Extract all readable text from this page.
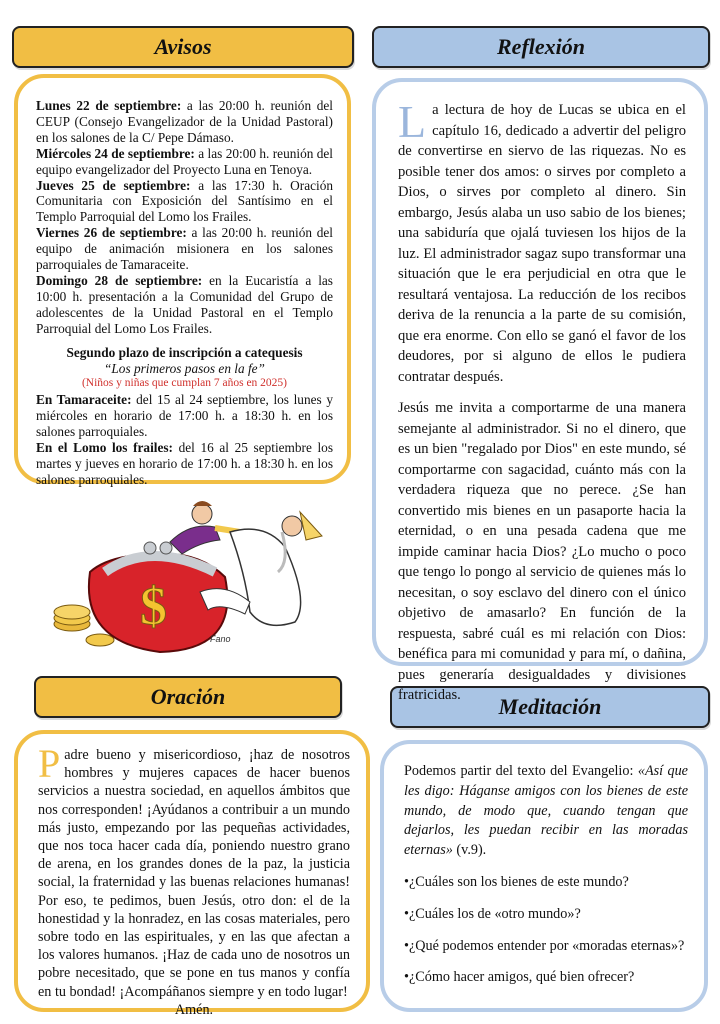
Avisos	Reflexión
Oración	Meditación

Lunes 22 de septiembre: a las 20:00 h. reunión del CEUP (Consejo Evangelizador de la Unidad Pastoral) en los salones de la C/ Pepe Dámaso.

Miércoles 24 de septiembre: a las 20:00 h. reunión del equipo evangelizador del Proyecto Luna en Tenoya.

Jueves 25 de septiembre: a las 17:30 h. Oración Comunitaria con Exposición del Santísimo en el Templo Parroquial del Lomo los Frailes.

Viernes 26 de septiembre: a las 20:00 h. reunión del equipo de animación misionera en los salones parroquiales de Tamaraceite.

Domingo 28 de septiembre: en la Eucaristía a las 10:00 h. presentación a la Comunidad del Grupo de adolescentes de la Unidad Pastoral en el Templo Parroquial del Lomo Los Frailes.

Segundo plazo de inscripción a catequesis

“Los primeros pasos en la fe”

(Niños y niñas que cumplan 7 años en 2025)

En Tamaraceite: del 15 al 24 septiembre, los lunes y miércoles en horario de 17:00 h. a 18:30 h. en los salones parroquiales.

En el Lomo los frailes: del 16 al 25 septiembre los martes y jueves en horario de 17:00 h. a 18:30 h. en los salones parroquiales.

$
Fano

La lectura de hoy de Lucas se ubica en el capítulo 16, dedicado a advertir del peligro de convertirse en siervo de las riquezas. No es posible tener dos amos: o sirves por completo a Dios, o sirves por completo al dinero. Sin embargo, Jesús alaba un uso sabio de los bienes; una sabiduría que ojalá tuviesen los hijos de la luz. El administrador sagaz supo transformar una situación que le era perjudicial en otra que le resultará ventajosa. La reducción de los recibos deriva de la renuncia a la parte de su comisión, que era enorme. Con ello se ganó el favor de los deudores, por si alguno de ellos le pudiera contratar después.

Jesús me invita a comportarme de una manera semejante al administrador. Si no el dinero, que es un bien "regalado por Dios" en este mundo, sé comportarme con sagacidad, cuánto más con la verdadera riqueza que no perece. ¿Se han convertido mis bienes en un pasaporte hacia la eternidad, o en una pesada cadena que me impide caminar hacia Dios? ¿Lo mucho o poco que tengo lo pongo al servicio de quienes más lo necesitan, o soy esclavo del dinero con el único objetivo de amasarlo? En función de la respuesta, sabré cuál es mi relación con Dios: benéfica para mi comunidad y para mí, o dañina, pues generaría desigualdades y divisiones fratricidas.

Padre bueno y misericordioso, ¡haz de nosotros hombres y mujeres capaces de hacer buenos servicios a nuestra sociedad, en aquellos ámbitos que nos corresponden! ¡Ayúdanos a contribuir a un mundo más justo, empezando por las pequeñas actividades, que nos toca hacer cada día, poniendo nuestro grano de arena, en los grandes dones de la paz, la justicia social, la fraternidad y las buenas relaciones humanas! Por eso, te pedimos, buen Jesús, otro don: el de la honestidad y la honradez, en las cosas materiales, pero sobre todo en las espirituales, y en las que afectan a los valores humanos. ¡Haz de cada uno de nosotros un pobre necesitado, que se pone en tus manos y confía en tu bondad! ¡Acompáñanos siempre y en todo lugar!
Amén.

Podemos partir del texto del Evangelio: «Así que les digo: Háganse amigos con los bienes de este mundo, de modo que, cuando tengan que dejarlos, les puedan recibir en las moradas eternas» (v.9).

•¿Cuáles son los bienes de este mundo?

•¿Cuáles los de «otro mundo»?

•¿Qué podemos entender por «moradas eternas»?

•¿Cómo hacer amigos, qué bien ofrecer?
